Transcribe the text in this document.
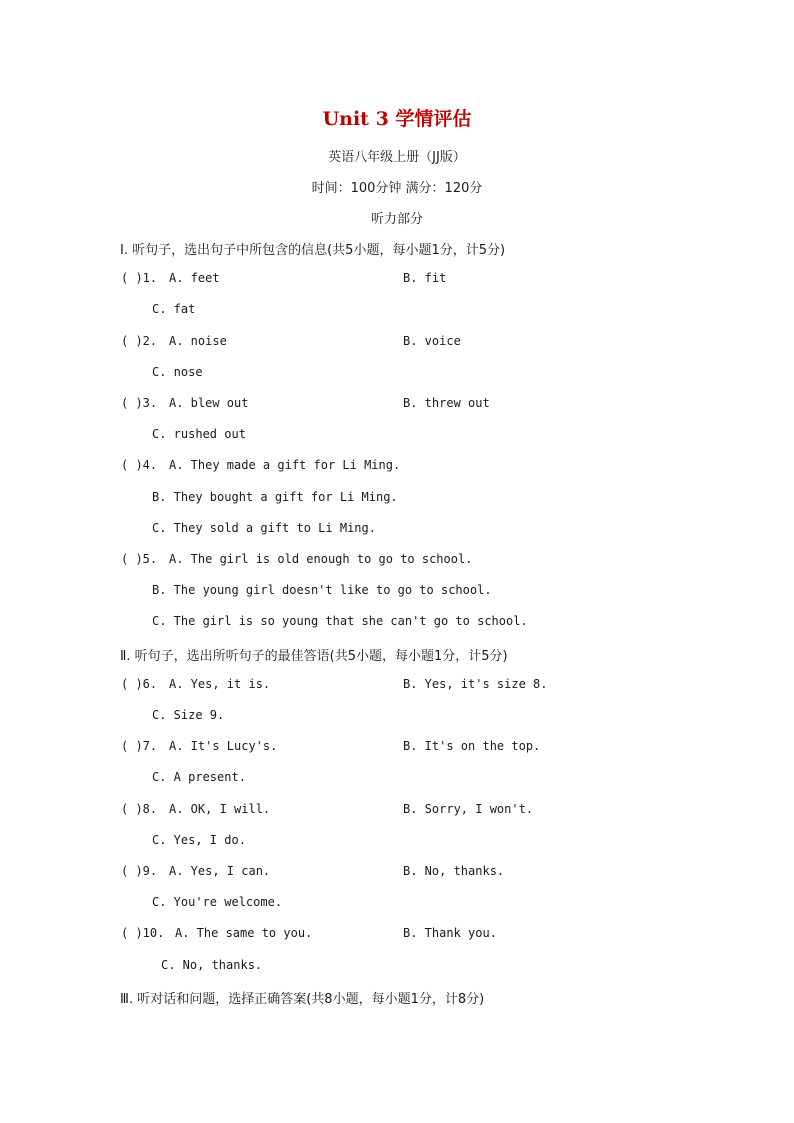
Unit 3 学情评估
英语八年级上册（JJ版）
时间：100分钟 满分：120分
听力部分
Ⅰ. 听句子，选出句子中所包含的信息(共5小题，每小题1分，计5分)
( )1. A. feet	B. fit
C. fat
( )2. A. noise	B. voice
C. nose
( )3. A. blew out	B. threw out
C. rushed out
( )4. A. They made a gift for Li Ming.
B. They bought a gift for Li Ming.
C. They sold a gift to Li Ming.
( )5. A. The girl is old enough to go to school.
B. The young girl doesn't like to go to school.
C. The girl is so young that she can't go to school.
Ⅱ. 听句子，选出所听句子的最佳答语(共5小题，每小题1分，计5分)
( )6. A. Yes, it is.	B. Yes, it's size 8.
C. Size 9.
( )7. A. It's Lucy's.	B. It's on the top.
C. A present.
( )8. A. OK, I will.	B. Sorry, I won't.
C. Yes, I do.
( )9. A. Yes, I can.	B. No, thanks.
C. You're welcome.
( )10. A. The same to you.	B. Thank you.
C. No, thanks.
Ⅲ. 听对话和问题，选择正确答案(共8小题，每小题1分，计8分)
